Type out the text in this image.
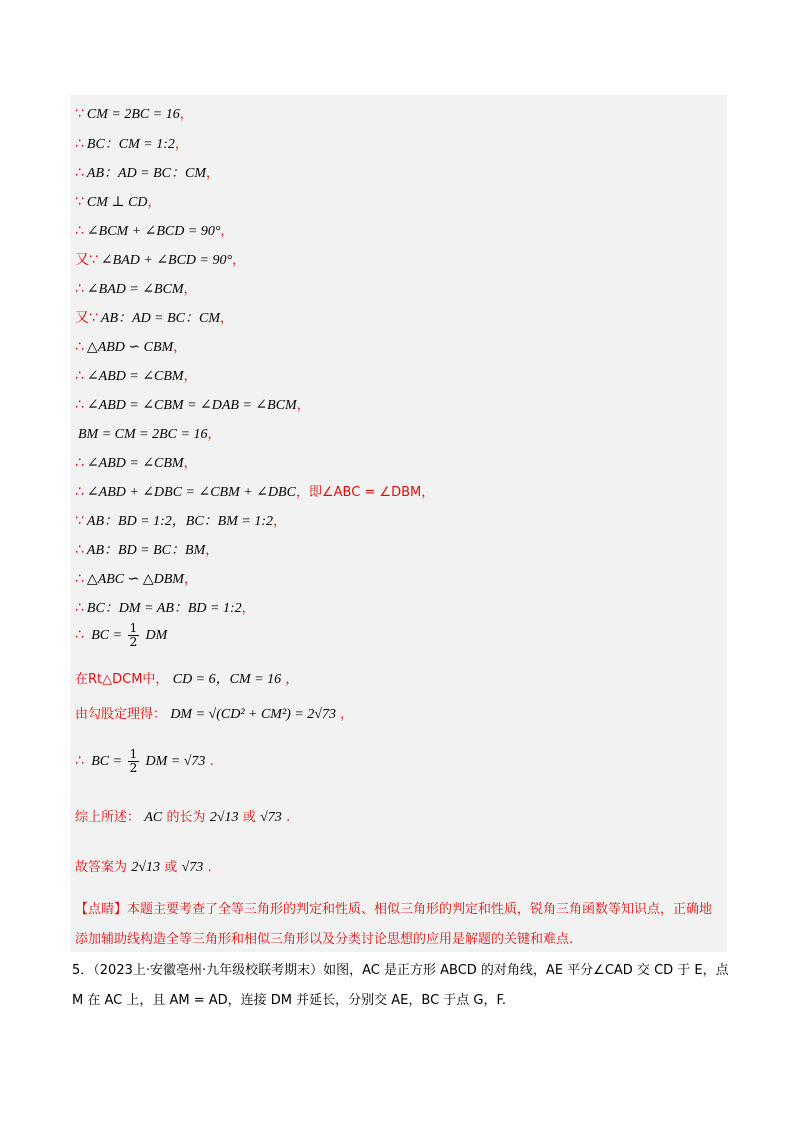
∵ CM = 2BC = 16，
∴ BC：CM = 1:2，
∴ AB：AD = BC：CM，
∵ CM ⊥ CD，
∴ ∠BCM + ∠BCD = 90°，
又∵ ∠BAD + ∠BCD = 90°，
∴ ∠BAD = ∠BCM，
又∵ AB：AD = BC：CM，
∴ △ABD ∽ CBM，
∴ ∠ABD = ∠CBM，
∴ ∠ABD = ∠CBM = ∠DAB = ∠BCM，
BM = CM = 2BC = 16，
∴ ∠ABD = ∠CBM，
∴ ∠ABD + ∠DBC = ∠CBM + ∠DBC，即∠ABC = ∠DBM，
∵ AB：BD = 1:2，BC：BM = 1:2，
∴ AB：BD = BC：BM，
∴ △ABC ∽ △DBM，
∴ BC：DM = AB：BD = 1:2，
∴ BC = $\frac{1}{2}$ DM
在Rt△DCM中， CD = 6，CM = 16 ，
由勾股定理得： DM = √(CD² + CM²) = 2√73 ，
∴ BC = $\frac{1}{2}$ DM = √73 .
综上所述： AC 的长为 2√13 或 √73 .
故答案为 2√13 或 √73 .
【点睛】本题主要考查了全等三角形的判定和性质、相似三角形的判定和性质，锐角三角函数等知识点，正确地添加辅助线构造全等三角形和相似三角形以及分类讨论思想的应用是解题的关键和难点.
5．（2023上·安徽亳州·九年级校联考期末）如图，AC 是正方形 ABCD 的对角线，AE 平分∠CAD 交 CD 于 E，点 M 在 AC 上，且 AM = AD，连接 DM 并延长，分别交 AE，BC 于点 G，F.
